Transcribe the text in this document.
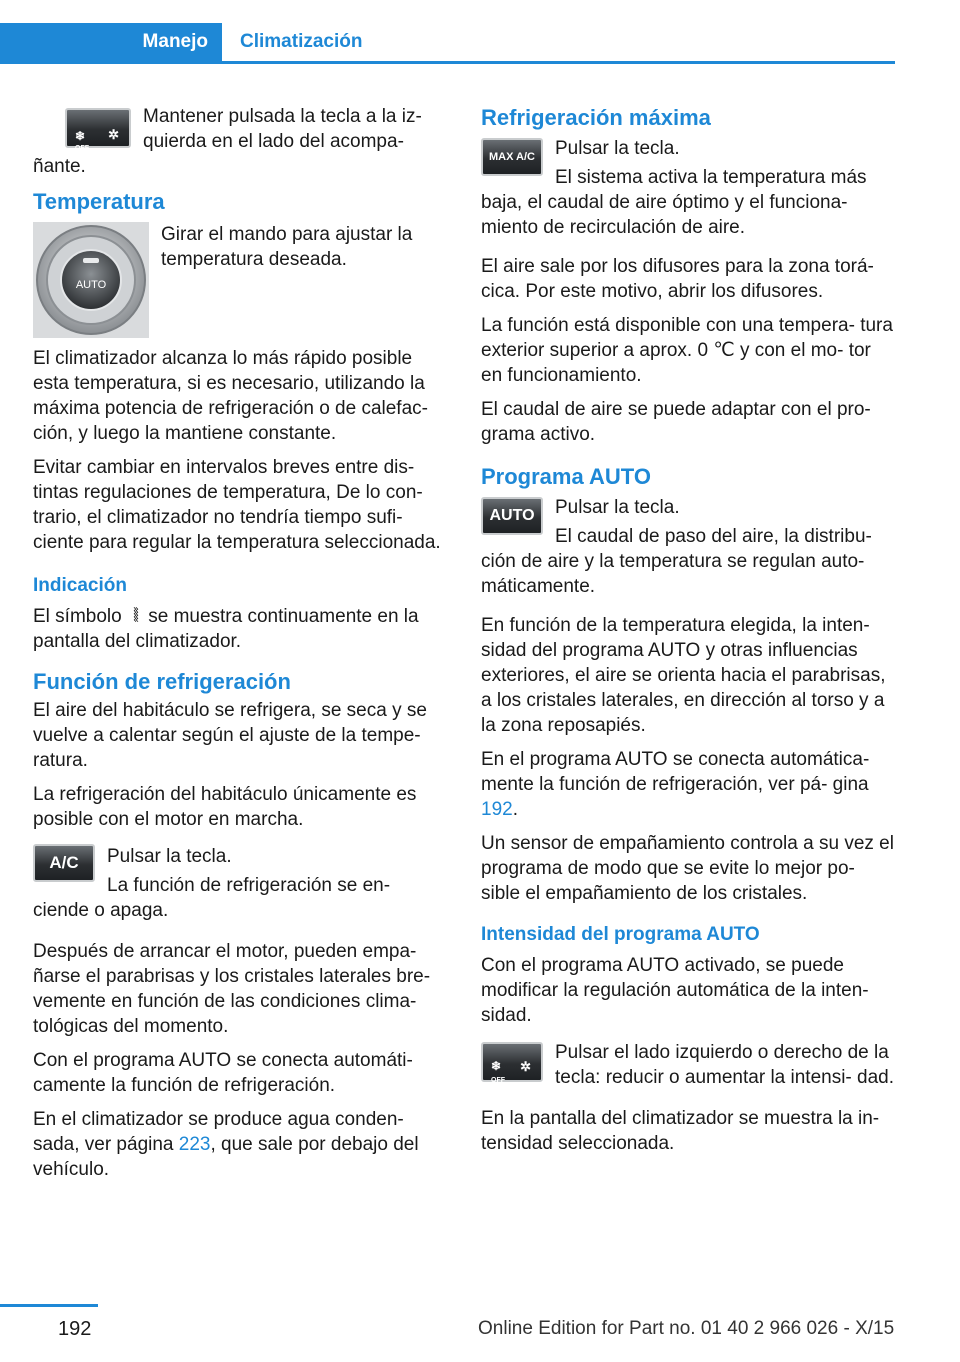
Manejo Climatización
❄
OFF
✲

Mantener pulsada la tecla a la iz‐ quierda en el lado del acompa‐ ñante.

Temperatura
AUTO

Girar el mando para ajustar la temperatura deseada.

El climatizador alcanza lo más rápido posible esta temperatura, si es necesario, utilizando la máxima potencia de refrigeración o de calefac‐ ción, y luego la mantiene constante.

Evitar cambiar en intervalos breves entre dis‐ tintas regulaciones de temperatura, De lo con‐ trario, el climatizador no tendría tiempo sufi‐ ciente para regular la temperatura seleccionada.

Indicación

El símbolo ⦚⦚ se muestra continuamente en la pantalla del climatizador.

Función de refrigeración

El aire del habitáculo se refrigera, se seca y se vuelve a calentar según el ajuste de la tempe‐ ratura.

La refrigeración del habitáculo únicamente es posible con el motor en marcha.

A/C	Pulsar la tecla.

La función de refrigeración se en‐ ciende o apaga.

Después de arrancar el motor, pueden empa‐ ñarse el parabrisas y los cristales laterales bre‐ vemente en función de las condiciones clima‐ tológicas del momento.

Con el programa AUTO se conecta automáti‐ camente la función de refrigeración.

En el climatizador se produce agua conden‐ sada, ver página 223, que sale por debajo del vehículo.

Refrigeración máxima
MAX A/C	Pulsar la tecla.

El sistema activa la temperatura más baja, el caudal de aire óptimo y el funciona‐ miento de recirculación de aire.

El aire sale por los difusores para la zona torá‐ cica. Por este motivo, abrir los difusores.

La función está disponible con una tempera‐ tura exterior superior a aprox. 0 ℃ y con el mo‐ tor en funcionamiento.

El caudal de aire se puede adaptar con el pro‐ grama activo.

Programa AUTO
AUTO	Pulsar la tecla.

El caudal de paso del aire, la distribu‐ ción de aire y la temperatura se regulan auto‐ máticamente.

En función de la temperatura elegida, la inten‐ sidad del programa AUTO y otras influencias exteriores, el aire se orienta hacia el parabrisas, a los cristales laterales, en dirección al torso y a la zona reposapiés.

En el programa AUTO se conecta automática‐ mente la función de refrigeración, ver pá‐ gina 192.

Un sensor de empañamiento controla a su vez el programa de modo que se evite lo mejor po‐ sible el empañamiento de los cristales.

Intensidad del programa AUTO

Con el programa AUTO activado, se puede modificar la regulación automática de la inten‐ sidad.

❄
OFF
✲

Pulsar el lado izquierdo o derecho de la tecla: reducir o aumentar la intensi‐ dad.

En la pantalla del climatizador se muestra la in‐ tensidad seleccionada.

192	Online Edition for Part no. 01 40 2 966 026 - X/15
